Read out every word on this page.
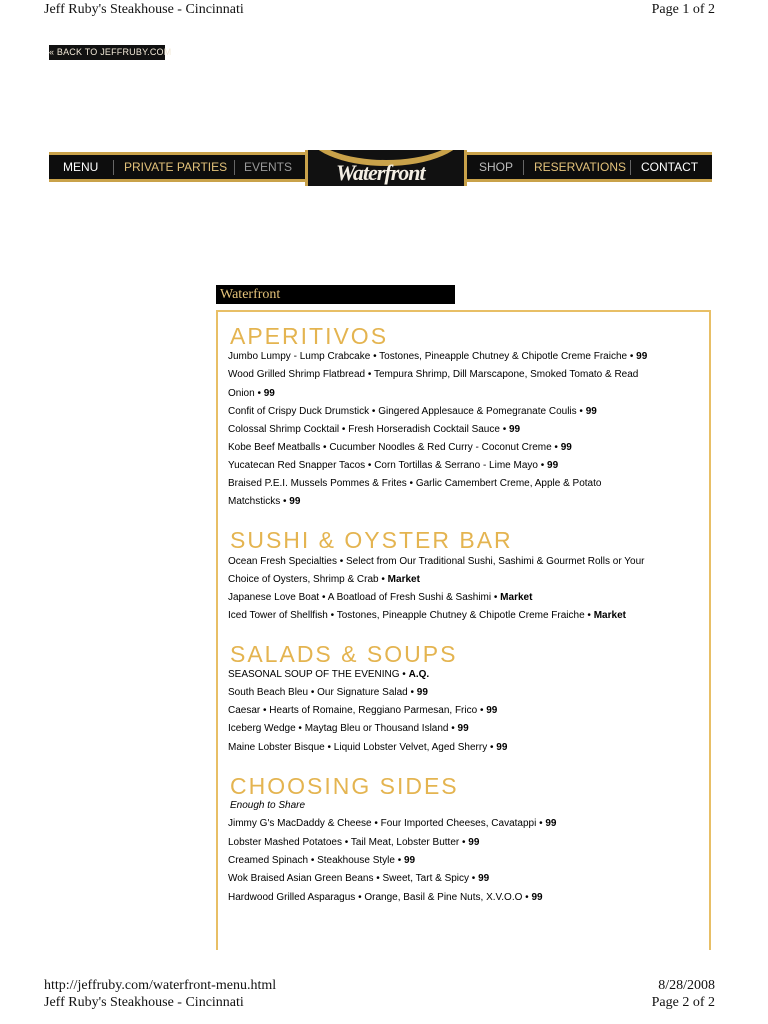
Jeff Ruby's Steakhouse - Cincinnati	Page 1 of 2
« BACK TO JEFFRUBY.COM
MENU PRIVATE PARTIES EVENTS Waterfront	SHOP RESERVATIONS CONTACT
Waterfront
APERITIVOS
Jumbo Lumpy - Lump Crabcake • Tostones, Pineapple Chutney & Chipotle Creme Fraiche • 99
Wood Grilled Shrimp Flatbread • Tempura Shrimp, Dill Marscapone, Smoked Tomato & Read
Onion • 99
Confit of Crispy Duck Drumstick • Gingered Applesauce & Pomegranate Coulis • 99
Colossal Shrimp Cocktail • Fresh Horseradish Cocktail Sauce • 99
Kobe Beef Meatballs • Cucumber Noodles & Red Curry - Coconut Creme • 99
Yucatecan Red Snapper Tacos • Corn Tortillas & Serrano - Lime Mayo • 99
Braised P.E.I. Mussels Pommes & Frites • Garlic Camembert Creme, Apple & Potato
Matchsticks • 99
SUSHI & OYSTER BAR
Ocean Fresh Specialties • Select from Our Traditional Sushi, Sashimi & Gourmet Rolls or Your
Choice of Oysters, Shrimp & Crab • Market
Japanese Love Boat • A Boatload of Fresh Sushi & Sashimi • Market
Iced Tower of Shellfish • Tostones, Pineapple Chutney & Chipotle Creme Fraiche • Market
SALADS & SOUPS
SEASONAL SOUP OF THE EVENING • A.Q.
South Beach Bleu • Our Signature Salad • 99
Caesar • Hearts of Romaine, Reggiano Parmesan, Frico • 99
Iceberg Wedge • Maytag Bleu or Thousand Island • 99
Maine Lobster Bisque • Liquid Lobster Velvet, Aged Sherry • 99
CHOOSING SIDES
Enough to Share
Jimmy G's MacDaddy & Cheese • Four Imported Cheeses, Cavatappi • 99
Lobster Mashed Potatoes • Tail Meat, Lobster Butter • 99
Creamed Spinach • Steakhouse Style • 99
Wok Braised Asian Green Beans • Sweet, Tart & Spicy • 99
Hardwood Grilled Asparagus • Orange, Basil & Pine Nuts, X.V.O.O • 99
http://jeffruby.com/waterfront-menu.html	8/28/2008
Jeff Ruby's Steakhouse - Cincinnati	Page 2 of 2
